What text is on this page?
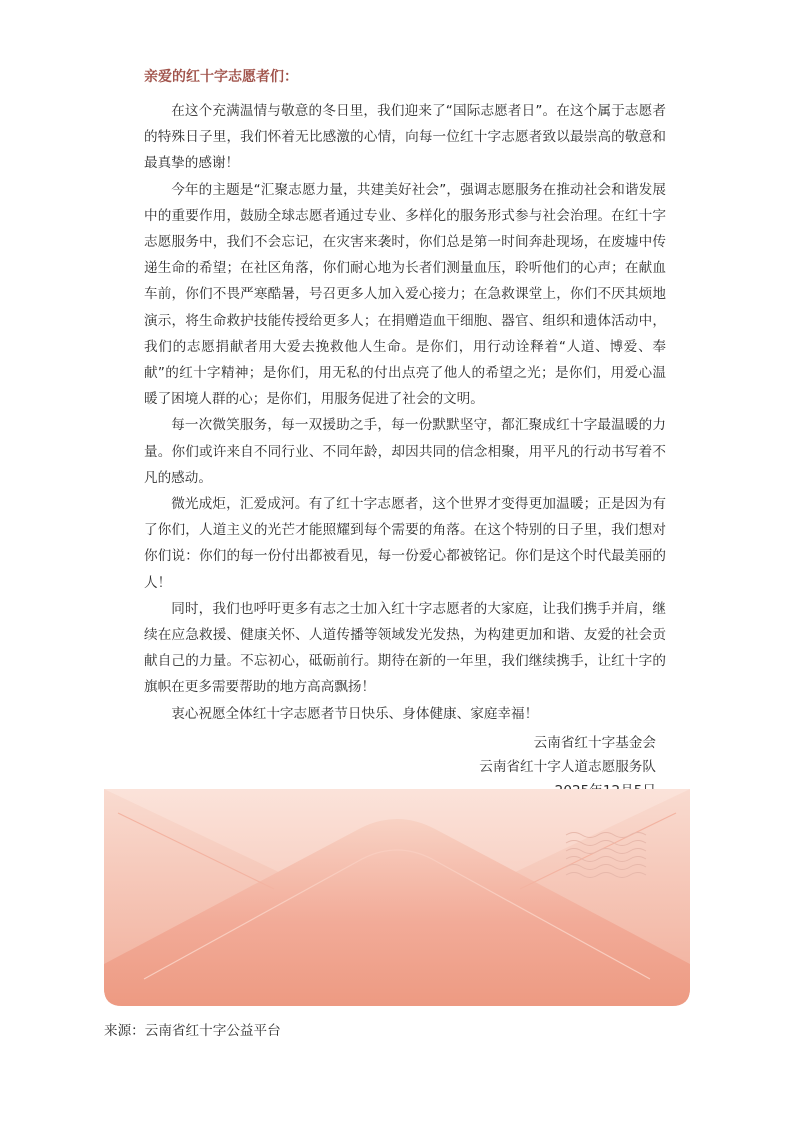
亲爱的红十字志愿者们：

在这个充满温情与敬意的冬日里，我们迎来了“国际志愿者日”。在这个属于志愿者的特殊日子里，我们怀着无比感激的心情，向每一位红十字志愿者致以最崇高的敬意和最真挚的感谢！

今年的主题是“汇聚志愿力量，共建美好社会”，强调志愿服务在推动社会和谐发展中的重要作用，鼓励全球志愿者通过专业、多样化的服务形式参与社会治理。在红十字志愿服务中，我们不会忘记，在灾害来袭时，你们总是第一时间奔赴现场，在废墟中传递生命的希望；在社区角落，你们耐心地为长者们测量血压，聆听他们的心声；在献血车前，你们不畏严寒酷暑，号召更多人加入爱心接力；在急救课堂上，你们不厌其烦地演示，将生命救护技能传授给更多人；在捐赠造血干细胞、器官、组织和遗体活动中，我们的志愿捐献者用大爱去挽救他人生命。是你们，用行动诠释着“人道、博爱、奉献”的红十字精神；是你们，用无私的付出点亮了他人的希望之光；是你们，用爱心温暖了困境人群的心；是你们，用服务促进了社会的文明。

每一次微笑服务，每一双援助之手，每一份默默坚守，都汇聚成红十字最温暖的力量。你们或许来自不同行业、不同年龄，却因共同的信念相聚，用平凡的行动书写着不凡的感动。

微光成炬，汇爱成河。有了红十字志愿者，这个世界才变得更加温暖；正是因为有了你们，人道主义的光芒才能照耀到每个需要的角落。在这个特别的日子里，我们想对你们说：你们的每一份付出都被看见，每一份爱心都被铭记。你们是这个时代最美丽的人！

同时，我们也呼吁更多有志之士加入红十字志愿者的大家庭，让我们携手并肩，继续在应急救援、健康关怀、人道传播等领域发光发热，为构建更加和谐、友爱的社会贡献自己的力量。不忘初心，砥砺前行。期待在新的一年里，我们继续携手，让红十字的旗帜在更多需要帮助的地方高高飘扬！

衷心祝愿全体红十字志愿者节日快乐、身体健康、家庭幸福！

云南省红十字基金会
云南省红十字人道志愿服务队
来源：云南省红十字公益平台
